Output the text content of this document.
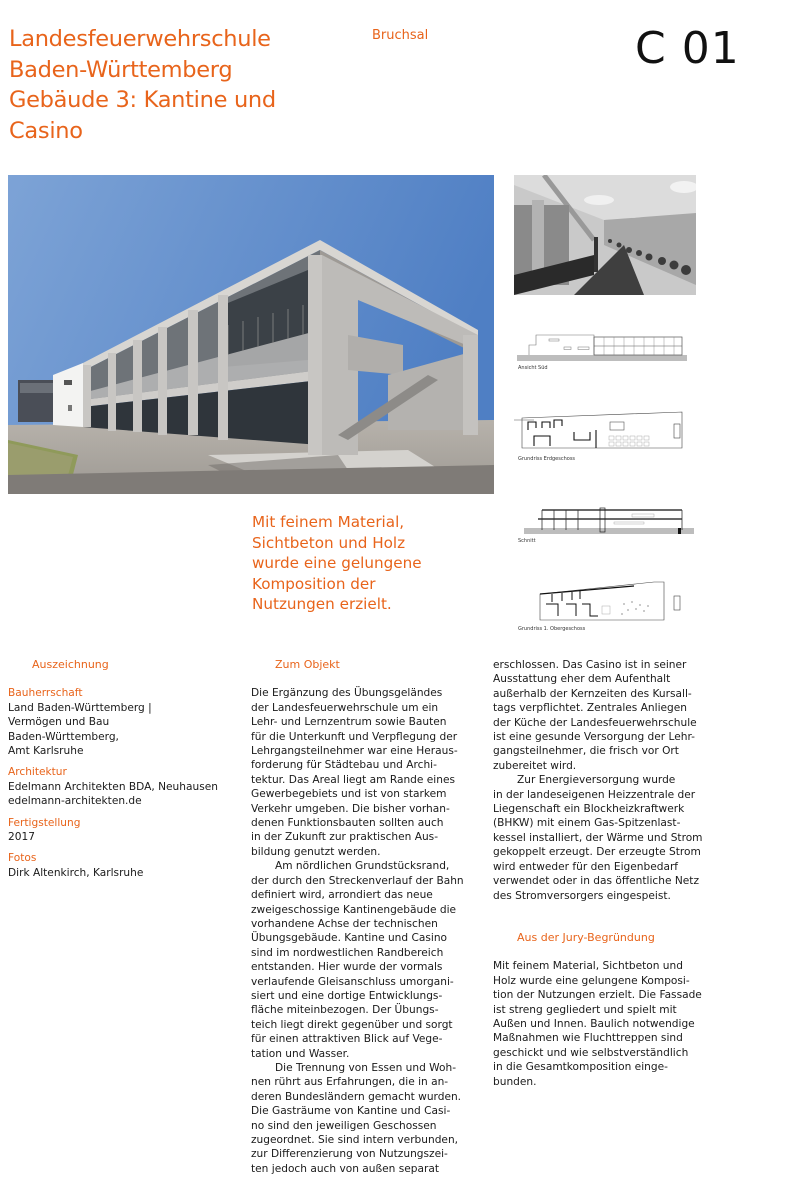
Landesfeuerwehrschule
Baden-Württemberg
Gebäude 3: Kantine und
Casino
Bruchsal	C 01
Ansicht Süd
Grundriss Erdgeschoss
Schnitt
Grundriss 1. Obergeschoss
Mit feinem Material,
Sichtbeton und Holz
wurde eine gelungene
Komposition der
Nutzungen erzielt.
Auszeichnung
Bauherrschaft
Land Baden-Württemberg |
Vermögen und Bau
Baden-Württemberg,
Amt Karlsruhe
Architektur
Edelmann Architekten BDA, Neuhausen
edelmann-architekten.de
Fertigstellung
2017
Fotos
Dirk Altenkirch, Karlsruhe
Zum Objekt
Die Ergänzung des Übungsgeländes
der Landesfeuerwehrschule um ein
Lehr- und Lernzentrum sowie Bauten
für die Unterkunft und Verpflegung der
Lehrgangsteilnehmer war eine Heraus-
forderung für Städtebau und Archi-
tektur. Das Areal liegt am Rande eines
Gewerbegebiets und ist von starkem
Verkehr umgeben. Die bisher vorhan-
denen Funktionsbauten sollten auch
in der Zukunft zur praktischen Aus-
bildung genutzt werden.
Am nördlichen Grundstücksrand,
der durch den Streckenverlauf der Bahn
definiert wird, arrondiert das neue
zweigeschossige Kantinengebäude die
vorhandene Achse der technischen
Übungsgebäude. Kantine und Casino
sind im nordwestlichen Randbereich
entstanden. Hier wurde der vormals
verlaufende Gleisanschluss umorgani-
siert und eine dortige Entwicklungs-
fläche miteinbezogen. Der Übungs-
teich liegt direkt gegenüber und sorgt
für einen attraktiven Blick auf Vege-
tation und Wasser.
Die Trennung von Essen und Woh-
nen rührt aus Erfahrungen, die in an-
deren Bundesländern gemacht wurden.
Die Gasträume von Kantine und Casi-
no sind den jeweiligen Geschossen
zugeordnet. Sie sind intern verbunden,
zur Differenzierung von Nutzungszei-
ten jedoch auch von außen separat
erschlossen. Das Casino ist in seiner
Ausstattung eher dem Aufenthalt
außerhalb der Kernzeiten des Kursall-
tags verpflichtet. Zentrales Anliegen
der Küche der Landesfeuerwehrschule
ist eine gesunde Versorgung der Lehr-
gangsteilnehmer, die frisch vor Ort
zubereitet wird.
Zur Energieversorgung wurde
in der landeseigenen Heizzentrale der
Liegenschaft ein Blockheizkraftwerk
(BHKW) mit einem Gas-Spitzenlast-
kessel installiert, der Wärme und Strom
gekoppelt erzeugt. Der erzeugte Strom
wird entweder für den Eigenbedarf
verwendet oder in das öffentliche Netz
des Stromversorgers eingespeist.
Aus der Jury-Begründung
Mit feinem Material, Sichtbeton und
Holz wurde eine gelungene Komposi-
tion der Nutzungen erzielt. Die Fassade
ist streng gegliedert und spielt mit
Außen und Innen. Baulich notwendige
Maßnahmen wie Fluchttreppen sind
geschickt und wie selbstverständlich
in die Gesamtkomposition einge-
bunden.
